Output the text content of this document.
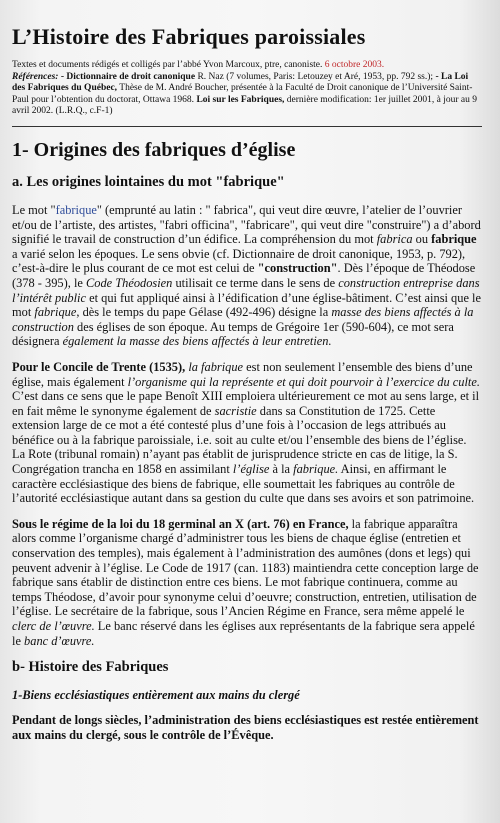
L’Histoire des Fabriques paroissiales
Textes et documents rédigés et colligés par l’abbé Yvon Marcoux, ptre, canoniste. 6 octobre 2003.
Références: - Dictionnaire de droit canonique R. Naz (7 volumes, Paris: Letouzey et Aré, 1953, pp. 792 ss.); - La Loi des Fabriques du Québec, Thèse de M. André Boucher, présentée à la Faculté de Droit canonique de l’Université Saint-Paul pour l’obtention du doctorat, Ottawa 1968. Loi sur les Fabriques, dernière modification: 1er juillet 2001, à jour au 9 avril 2002. (L.R.Q., c.F-1)
1- Origines des fabriques d’église
a. Les origines lointaines du mot "fabrique"

Le mot "fabrique" (emprunté au latin : " fabrica", qui veut dire œuvre, l’atelier de l’ouvrier et/ou de l’artiste, des artistes, "fabri officina", "fabricare", qui veut dire "construire") a d’abord signifié le travail de construction d’un édifice. La compréhension du mot fabrica ou fabrique a varié selon les époques. Le sens obvie (cf. Dictionnaire de droit canonique, 1953, p. 792), c’est-à-dire le plus courant de ce mot est celui de "construction". Dès l’époque de Théodose (378 - 395), le Code Théodosien utilisait ce terme dans le sens de construction entreprise dans l’intérêt public et qui fut appliqué ainsi à l’édification d’une église-bâtiment. C’est ainsi que le mot fabrique, dès le temps du pape Gélase (492-496) désigne la masse des biens affectés à la construction des églises de son époque. Au temps de Grégoire 1er (590-604), ce mot sera désignera également la masse des biens affectés à leur entretien.

Pour le Concile de Trente (1535), la fabrique est non seulement l’ensemble des biens d’une église, mais également l’organisme qui la représente et qui doit pourvoir à l’exercice du culte. C’est dans ce sens que le pape Benoît XIII emploiera ultérieurement ce mot au sens large, et il en fait même le synonyme également de sacristie dans sa Constitution de 1725. Cette extension large de ce mot a été contesté plus d’une fois à l’occasion de legs attribués au bénéfice ou à la fabrique paroissiale, i.e. soit au culte et/ou l’ensemble des biens de l’église. La Rote (tribunal romain) n’ayant pas établit de jurisprudence stricte en cas de litige, la S. Congrégation trancha en 1858 en assimilant l’église à la fabrique. Ainsi, en affirmant le caractère ecclésiastique des biens de fabrique, elle soumettait les fabriques au contrôle de l’autorité ecclésiastique autant dans sa gestion du culte que dans ses avoirs et son patrimoine.

Sous le régime de la loi du 18 germinal an X (art. 76) en France, la fabrique apparaîtra alors comme l’organisme chargé d’administrer tous les biens de chaque église (entretien et conservation des temples), mais également à l’administration des aumônes (dons et legs) qui peuvent advenir à l’église. Le Code de 1917 (can. 1183) maintiendra cette conception large de fabrique sans établir de distinction entre ces biens. Le mot fabrique continuera, comme au temps Théodose, d’avoir pour synonyme celui d’oeuvre; construction, entretien, utilisation de l’église. Le secrétaire de la fabrique, sous l’Ancien Régime en France, sera même appelé le clerc de l’œuvre. Le banc réservé dans les églises aux représentants de la fabrique sera appelé le banc d’œuvre.

b- Histoire des Fabriques
1-Biens ecclésiastiques entièrement aux mains du clergé

Pendant de longs siècles, l’administration des biens ecclésiastiques est restée entièrement aux mains du clergé, sous le contrôle de l’Évêque.
